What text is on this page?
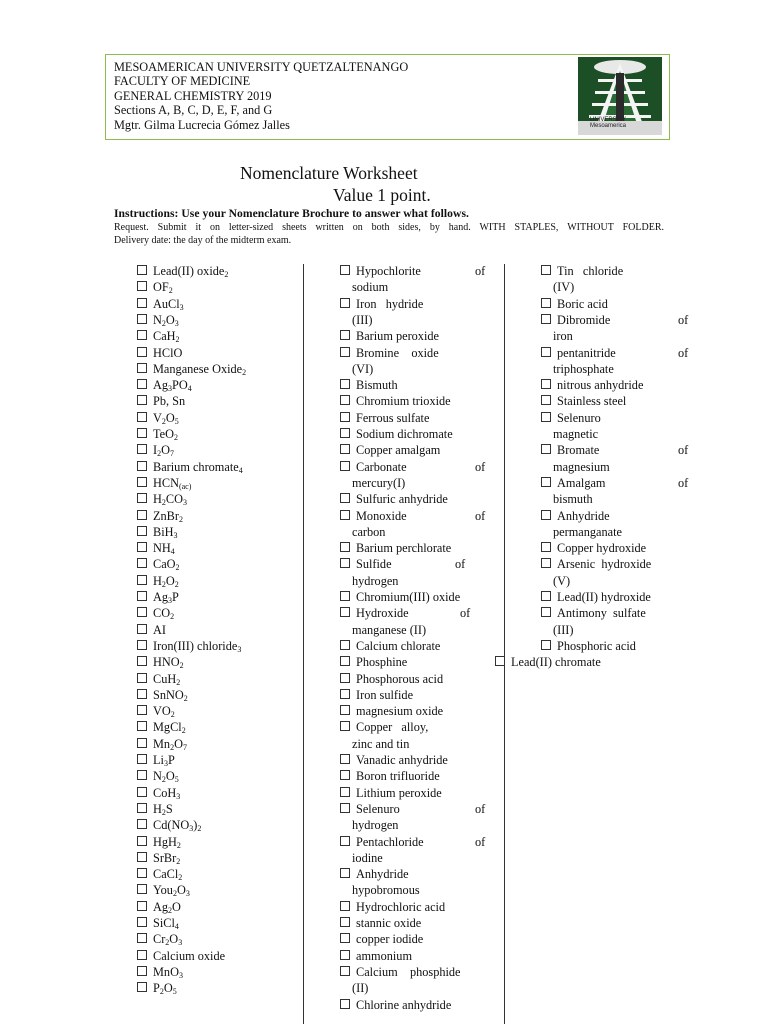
MESOAMERICAN UNIVERSITY QUETZALTENANGO
FACULTY OF MEDICINE
GENERAL CHEMISTRY 2019
Sections A, B, C, D, E, F, and G
Mgtr. Gilma Lucrecia Gómez Jalles	UNIVERSITY
Mesoamerica
Nomenclature Worksheet
Value 1 point.
Instructions: Use your Nomenclature Brochure to answer what follows.
Request. Submit it on letter-sized sheets written on both sides, by hand. WITH STAPLES, WITHOUT FOLDER.
Delivery date: the day of the midterm exam.
Lead(II) oxide$_2$
$OF_2$
AuCl$_3$
$N_2O_3$
CaH$_2$
HClO
Manganese Oxide$_2$
$Ag_3PO_4$
Pb, Sn
$V_2O_5$
TeO$_2$
$I_2O_7$
Barium chromate$_4$
$HCN_{(ac)}$
$H_2CO_3$
ZnBr$_2$
BiH$_3$
$NH_4$
CaO$_2$
$H_2O_2$
$Ag_3P$
$CO_2$
AI
Iron(III) chloride$_3$
$HNO_2$
CuH$_2$
SnNO$_2$
$VO_2$
MgCl$_2$
$Mn_2O_7$
$Li_3P$
$N_2O_5$
CoH$_3$
$H_2S$
$Cd(NO_3)_2$
HgH$_2$
SrBr$_2$
CaCl$_2$
$You_2O_3$
$Ag_2O$
SiCl$_4$
$Cr_2O_3$
Calcium oxide
MnO$_3$
$P_2O_5$
Hypochlorite
sodium
of
Iron   hydride
(III)
Barium peroxide
Bromine    oxide
(VI)
Bismuth
Chromium trioxide
Ferrous sulfate
Sodium dichromate
Copper amalgam
Carbonate
mercury(I)
of
Sulfuric anhydride
Monoxide
carbon
of
Barium perchlorate
Sulfide
hydrogen
of
Chromium(III) oxide
Hydroxide
manganese (II)
of
Calcium chlorate
Phosphine
Phosphorous acid
Iron sulfide
magnesium oxide
Copper   alloy,
zinc and tin
Vanadic anhydride
Boron trifluoride
Lithium peroxide
Selenuro
hydrogen
of
Pentachloride
iodine
of
Anhydride
hypobromous
Hydrochloric acid
stannic oxide
copper iodide
ammonium
Calcium    phosphide
(II)
Chlorine anhydride
Tin   chloride
(IV)
Boric acid
Dibromide
iron
of
pentanitride
triphosphate
of
nitrous anhydride
Stainless steel
Selenuro
magnetic
Bromate
magnesium
of
Amalgam
bismuth
of
Anhydride
permanganate
Copper hydroxide
Arsenic  hydroxide
(V)
Lead(II) hydroxide
Antimony  sulfate
(III)
Phosphoric acid
Lead(II) chromate
